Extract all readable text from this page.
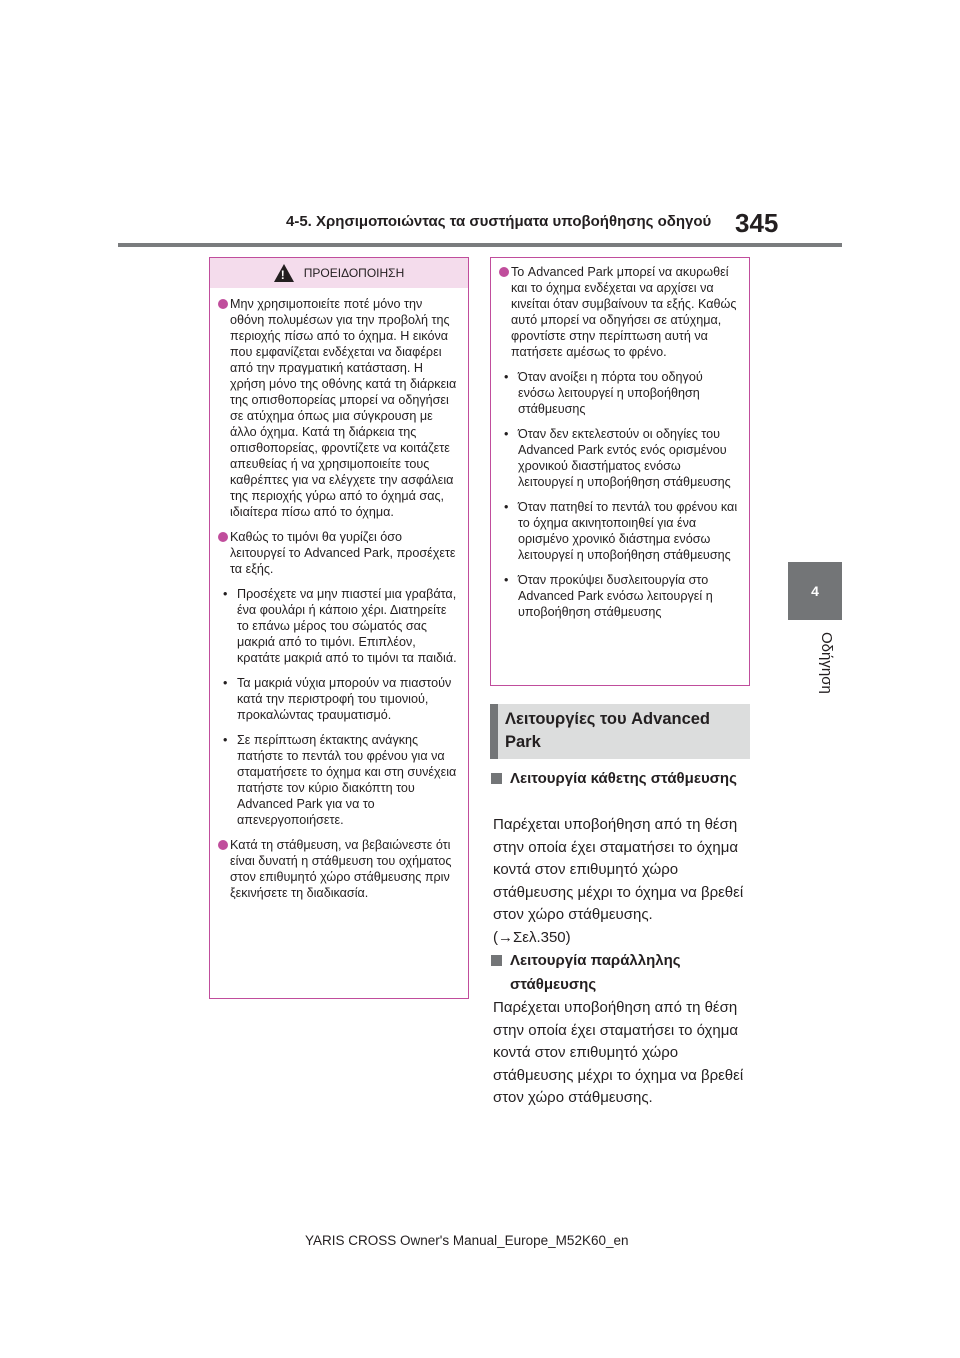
4-5. Χρησιμοποιώντας τα συστήματα υποβοήθησης οδηγού 345
4
Οδήγηση
!
ΠΡΟΕΙΔΟΠΟΙΗΣΗ
Μην χρησιμοποιείτε ποτέ μόνο την οθόνη πολυμέσων για την προβολή της περιοχής πίσω από το όχημα. Η εικόνα που εμφανίζεται ενδέχεται να διαφέρει από την πραγματική κατάσταση. Η χρήση μόνο της οθόνης κατά τη διάρκεια της οπισθοπορείας μπορεί να οδηγήσει σε ατύχημα όπως μια σύγκρουση με άλλο όχημα. Κατά τη διάρκεια της οπισθοπορείας, φροντίζετε να κοιτάζετε απευθείας ή να χρησιμοποιείτε τους καθρέπτες για να ελέγχετε την ασφάλεια της περιοχής γύρω από το όχημά σας, ιδιαίτερα πίσω από το όχημα.
Καθώς το τιμόνι θα γυρίζει όσο λειτουργεί το Advanced Park, προσέχετε τα εξής.
• Προσέχετε να μην πιαστεί μια γραβάτα, ένα φουλάρι ή κάποιο χέρι. Διατηρείτε το επάνω μέρος του σώματός σας μακριά από το τιμόνι. Επιπλέον, κρατάτε μακριά από το τιμόνι τα παιδιά.
• Τα μακριά νύχια μπορούν να πιαστούν κατά την περιστροφή του τιμονιού, προκαλώντας τραυματισμό.
• Σε περίπτωση έκτακτης ανάγκης πατήστε το πεντάλ του φρένου για να σταματήσετε το όχημα και στη συνέχεια πατήστε τον κύριο διακόπτη του Advanced Park για να το απενεργοποιήσετε.
Κατά τη στάθμευση, να βεβαιώνεστε ότι είναι δυνατή η στάθμευση του οχήματος στον επιθυμητό χώρο στάθμευσης πριν ξεκινήσετε τη διαδικασία.
Το Advanced Park μπορεί να ακυρωθεί και το όχημα ενδέχεται να αρχίσει να κινείται όταν συμβαίνουν τα εξής. Καθώς αυτό μπορεί να οδηγήσει σε ατύχημα, φροντίστε στην περίπτωση αυτή να πατήσετε αμέσως το φρένο.
• Όταν ανοίξει η πόρτα του οδηγού ενόσω λειτουργεί η υποβοήθηση στάθμευσης
• Όταν δεν εκτελεστούν οι οδηγίες του Advanced Park εντός ενός ορισμένου χρονικού διαστήματος ενόσω λειτουργεί η υποβοήθηση στάθμευσης
• Όταν πατηθεί το πεντάλ του φρένου και το όχημα ακινητοποιηθεί για ένα ορισμένο χρονικό διάστημα ενόσω λειτουργεί η υποβοήθηση στάθμευσης
• Όταν προκύψει δυσλειτουργία στο Advanced Park ενόσω λειτουργεί η υποβοήθηση στάθμευσης
Λειτουργίες του Advanced Park
Λειτουργία κάθετης στάθμευσης
Παρέχεται υποβοήθηση από τη θέση στην οποία έχει σταματήσει το όχημα κοντά στον επιθυμητό χώρο στάθμευσης μέχρι το όχημα να βρεθεί στον χώρο στάθμευσης.
(→Σελ.350)
Λειτουργία παράλληλης στάθμευσης
Παρέχεται υποβοήθηση από τη θέση στην οποία έχει σταματήσει το όχημα κοντά στον επιθυμητό χώρο στάθμευσης μέχρι το όχημα να βρεθεί στον χώρο στάθμευσης.
YARIS CROSS Owner's Manual_Europe_M52K60_en
